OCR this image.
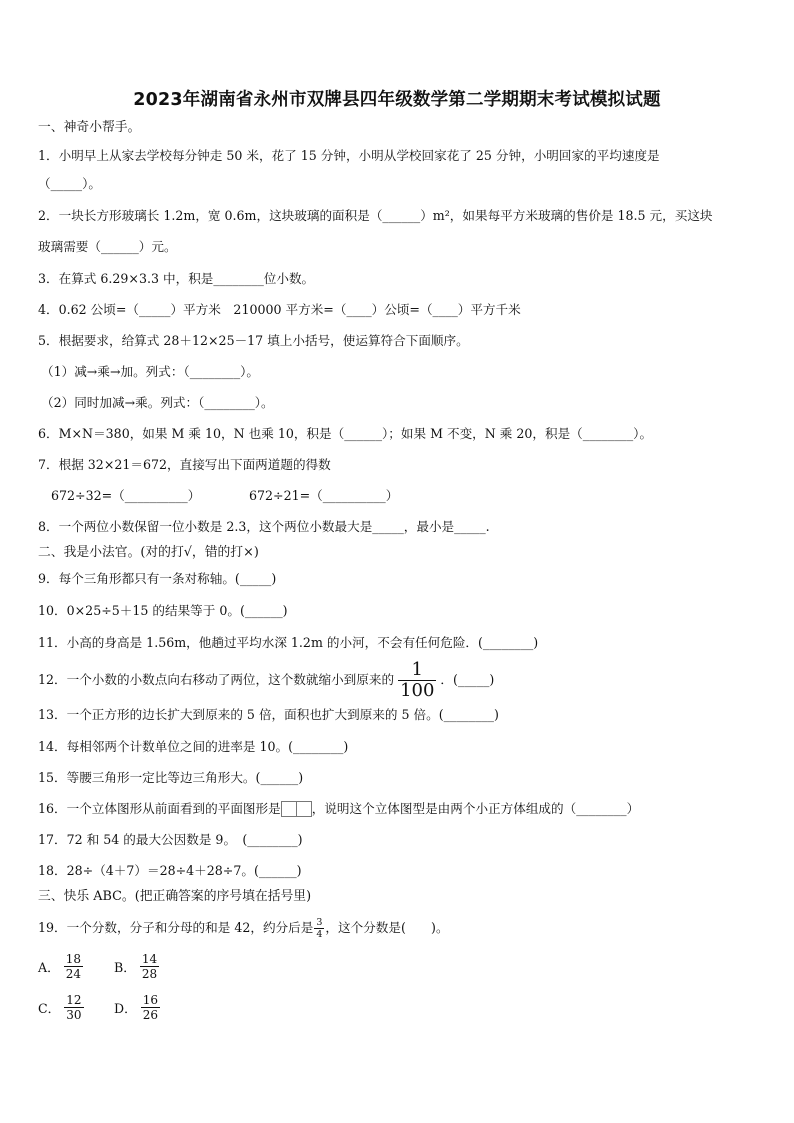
2023年湖南省永州市双牌县四年级数学第二学期期末考试模拟试题
一、神奇小帮手。
1．小明早上从家去学校每分钟走 50 米，花了 15 分钟，小明从学校回家花了 25 分钟，小明回家的平均速度是
（_____）。
2．一块长方形玻璃长 1.2m，宽 0.6m，这块玻璃的面积是（______）m²，如果每平方米玻璃的售价是 18.5 元，买这块
玻璃需要（______）元。
3．在算式 6.29×3.3 中，积是________位小数。
4．0.62 公顷=（_____）平方米　210000 平方米=（____）公顷=（____）平方千米
5．根据要求，给算式 28＋12×25－17 填上小括号，使运算符合下面顺序。
（1）减→乘→加。列式：（________）。
（2）同时加减→乘。列式：（________）。
6．M×N＝380，如果 M 乘 10，N 也乘 10，积是（______）；如果 M 不变，N 乘 20，积是（________）。
7．根据 32×21＝672，直接写出下面两道题的得数
672÷32=（__________）	672÷21=（__________）
8．一个两位小数保留一位小数是 2.3，这个两位小数最大是_____，最小是_____.
二、我是小法官。(对的打√，错的打×)
9．每个三角形都只有一条对称轴。(_____)
10．0×25÷5＋15 的结果等于 0。(______)
11．小高的身高是 1.56m，他趟过平均水深 1.2m 的小河，不会有任何危险．(________)
12．一个小数的小数点向右移动了两位，这个数就缩小到原来的 $\frac{1}{100}$ ．(_____)
13．一个正方形的边长扩大到原来的 5 倍，面积也扩大到原来的 5 倍。(________)
14．每相邻两个计数单位之间的进率是 10。(________)
15．等腰三角形一定比等边三角形大。(______)
16．一个立体图形从前面看到的平面图形是 ，说明这个立体图型是由两个小正方体组成的（________）
17．72 和 54 的最大公因数是 9。　(________)
18．28÷（4＋7）＝28÷4＋28÷7。(______)
三、快乐 ABC。(把正确答案的序号填在括号里)
19．一个分数，分子和分母的和是 42，约分后是 $\frac{3}{4}$ ，这个分数是(　　)。
A． $\frac{18}{24}$ B． $\frac{14}{28}$
C． $\frac{12}{30}$ D． $\frac{16}{26}$
